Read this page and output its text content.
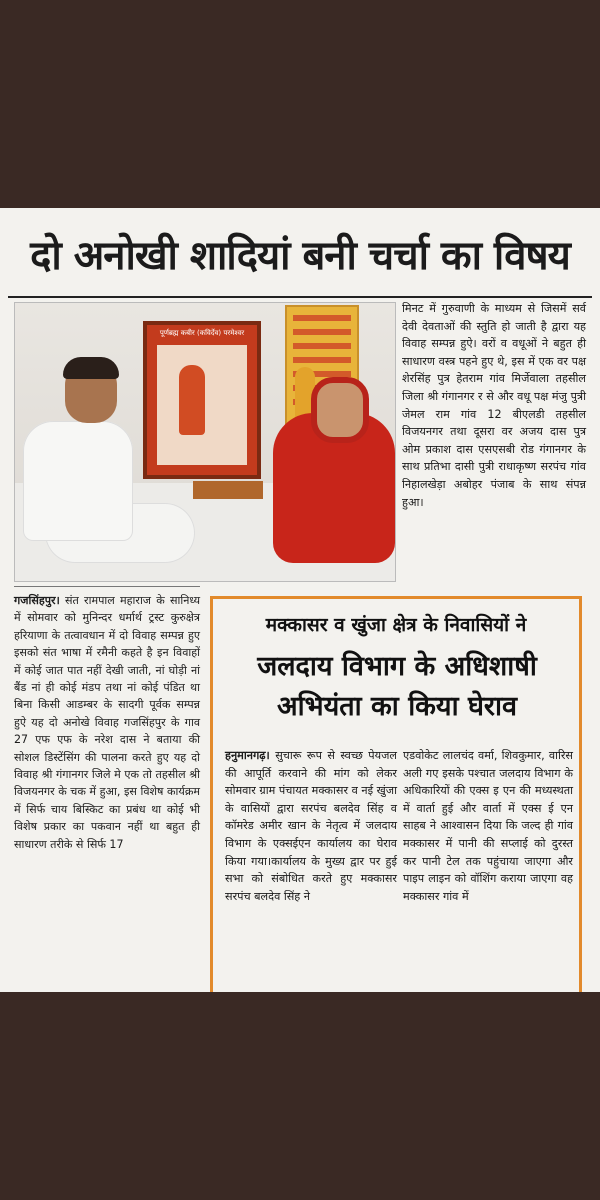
दो अनोखी शादियां बनी चर्चा का विषय
पूर्णब्रह्म कबीर (कविर्देव) परमेश्वर

मिनट में गुरुवाणी के माध्यम से जिसमें सर्व देवी देवताओं की स्तुति हो जाती है द्वारा यह विवाह सम्पन्न हुऐ। वरों व वधूओं ने बहुत ही साधारण वस्त्र पहने हुए थे, इस में एक वर पक्ष शेरसिंह पुत्र हेतराम गांव मिर्जेवाला तहसील जिला श्री गंगानगर र से और वधू पक्ष मंजु पुत्री जेमल राम गांव 12 बीएलडी तहसील विजयनगर तथा दूसरा वर अजय दास पुत्र ओम प्रकाश दास एसएसबी रोड गंगानगर के साथ प्रतिभा दासी पुत्री राधाकृष्ण सरपंच गांव निहालखेड़ा अबोहर पंजाब के साथ संपन्न हुआ।

गजसिंहपुर। संत रामपाल महाराज के सानिध्य में सोमवार को मुनिन्दर धर्मार्थ ट्रस्ट कुरुक्षेत्र हरियाणा के तत्वावधान में दो विवाह सम्पन्न हुए इसको संत भाषा में रमैनी कहते है इन विवाहों में कोई जात पात नहीं देखी जाती, नां घोड़ी नां बैंड नां ही कोई मंडप तथा नां कोई पंडित था बिना किसी आडम्बर के सादगी पूर्वक सम्पन्न हुऐ यह दो अनोखे विवाह गजसिंहपुर के गाव 27 एफ एफ के नरेश दास ने बताया की सोशल डिस्टेंसिंग की पालना करते हुए यह दो विवाह श्री गंगानगर जिले मे एक तो तहसील श्री विजयनगर के चक में हुआ, इस विशेष कार्यक्रम में सिर्फ चाय बिस्किट का प्रबंध था कोई भी विशेष प्रकार का पकवान नहीं था बहुत ही साधारण तरीके से सिर्फ 17

मक्कासर व खुंजा क्षेत्र के निवासियों ने
जलदाय विभाग के अधिशाषी अभियंता का किया घेराव

हनुमानगढ़। सुचारू रूप से स्वच्छ पेयजल की आपूर्ति करवाने की मांग को लेकर सोमवार ग्राम पंचायत मक्कासर व नई खुंजा के वासियों द्वारा सरपंच बलदेव सिंह व कॉमरेड अमीर खान के नेतृत्व में जलदाय विभाग के एक्सईएन कार्यालय का घेराव किया गया।कार्यालय के मुख्य द्वार पर हुई सभा को संबोधित करते हुए मक्कासर सरपंच बलदेव सिंह ने

एडवोकेट लालचंद वर्मा, शिवकुमार, वारिस अली गए इसके पश्चात जलदाय विभाग के अधिकारियों की एक्स इ एन की मध्यस्थता में वार्ता हुई और वार्ता में एक्स ई एन साहब ने आश्वासन दिया कि जल्द ही गांव मक्कासर में पानी की सप्लाई को दुरस्त कर पानी टेल तक पहुंचाया जाएगा और पाइप लाइन को वॉशिंग कराया जाएगा वह मक्कासर गांव में
